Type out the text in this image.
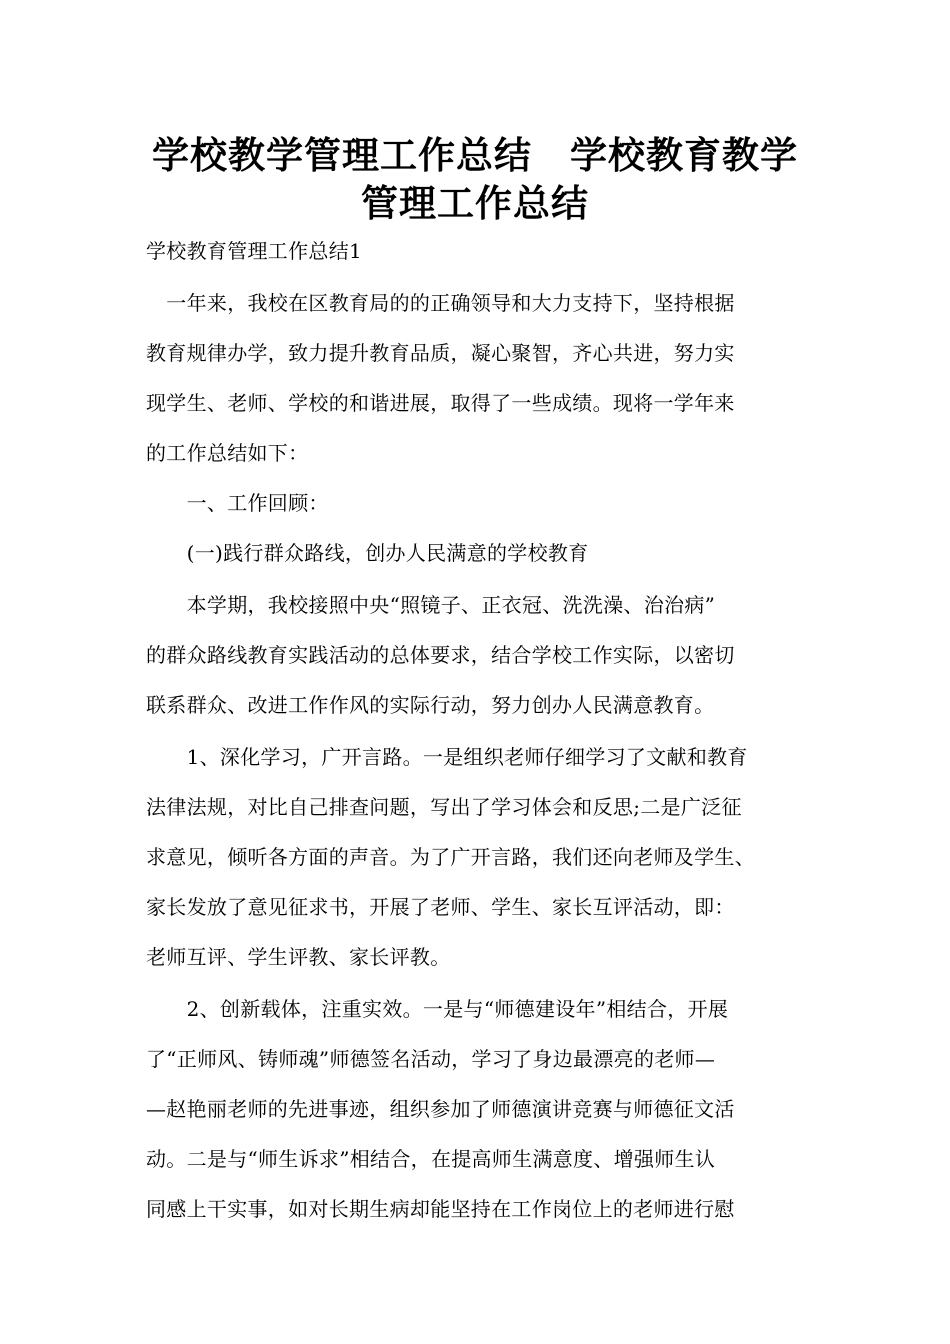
学校教学管理工作总结　学校教育教学
管理工作总结
学校教育管理工作总结1
　一年来，我校在区教育局的的正确领导和大力支持下，坚持根据
教育规律办学，致力提升教育品质，凝心聚智，齐心共进，努力实
现学生、老师、学校的和谐进展，取得了一些成绩。现将一学年来
的工作总结如下：
　　一、工作回顾：
　　(一)践行群众路线，创办人民满意的学校教育
　　本学期，我校接照中央“照镜子、正衣冠、洗洗澡、治治病”
的群众路线教育实践活动的总体要求，结合学校工作实际，以密切
联系群众、改进工作作风的实际行动，努力创办人民满意教育。
　　1、深化学习，广开言路。一是组织老师仔细学习了文献和教育
法律法规，对比自己排查问题，写出了学习体会和反思;二是广泛征
求意见，倾听各方面的声音。为了广开言路，我们还向老师及学生、
家长发放了意见征求书，开展了老师、学生、家长互评活动，即：
老师互评、学生评教、家长评教。
　　2、创新载体，注重实效。一是与“师德建设年”相结合，开展
了“正师风、铸师魂”师德签名活动，学习了身边最漂亮的老师—
—赵艳丽老师的先进事迹，组织参加了师德演讲竞赛与师德征文活
动。二是与“师生诉求”相结合，在提高师生满意度、增强师生认
同感上干实事，如对长期生病却能坚持在工作岗位上的老师进行慰
